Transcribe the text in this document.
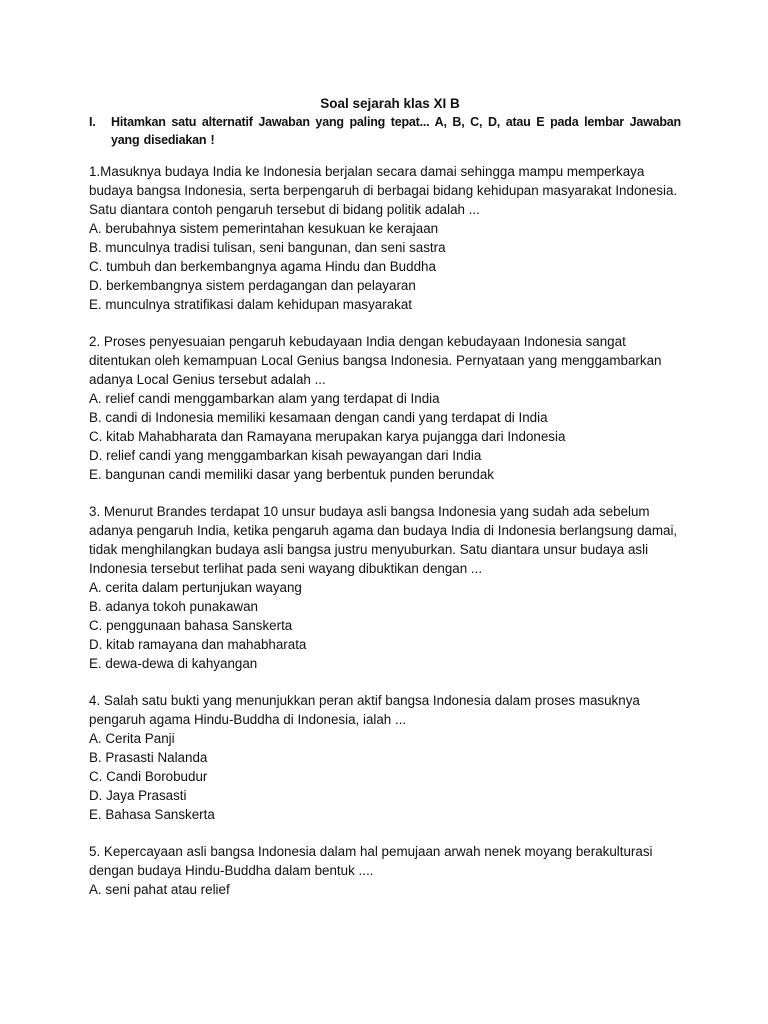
Soal sejarah klas XI B

I.	Hitamkan satu alternatif Jawaban yang paling tepat... A, B, C, D, atau E pada lembar Jawaban yang disediakan !

1.Masuknya budaya India ke Indonesia berjalan secara damai sehingga mampu memperkaya budaya bangsa Indonesia, serta berpengaruh di berbagai bidang kehidupan masyarakat Indonesia. Satu diantara contoh pengaruh tersebut di bidang politik adalah ...

A. berubahnya sistem pemerintahan kesukuan ke kerajaan
B. munculnya tradisi tulisan, seni bangunan, dan seni sastra
C. tumbuh dan berkembangnya agama Hindu dan Buddha
D. berkembangnya sistem perdagangan dan pelayaran
E. munculnya stratifikasi dalam kehidupan masyarakat

2. Proses penyesuaian pengaruh kebudayaan India dengan kebudayaan Indonesia sangat ditentukan oleh kemampuan Local Genius bangsa Indonesia. Pernyataan yang menggambarkan adanya Local Genius tersebut adalah ...

A. relief candi menggambarkan alam yang terdapat di India
B. candi di Indonesia memiliki kesamaan dengan candi yang terdapat di India
C. kitab Mahabharata dan Ramayana merupakan karya pujangga dari Indonesia
D. relief candi yang menggambarkan kisah pewayangan dari India
E. bangunan candi memiliki dasar yang berbentuk punden berundak

3. Menurut Brandes terdapat 10 unsur budaya asli bangsa Indonesia yang sudah ada sebelum adanya pengaruh India, ketika pengaruh agama dan budaya India di Indonesia berlangsung damai, tidak menghilangkan budaya asli bangsa justru menyuburkan. Satu diantara unsur budaya asli Indonesia tersebut terlihat pada seni wayang dibuktikan dengan ...

A. cerita dalam pertunjukan wayang
B. adanya tokoh punakawan
C. penggunaan bahasa Sanskerta
D. kitab ramayana dan mahabharata
E. dewa-dewa di kahyangan

4. Salah satu bukti yang menunjukkan peran aktif bangsa Indonesia dalam proses masuknya pengaruh agama Hindu-Buddha di Indonesia, ialah ...

A. Cerita Panji
B. Prasasti Nalanda
C. Candi Borobudur
D. Jaya Prasasti
E. Bahasa Sanskerta

5. Kepercayaan asli bangsa Indonesia dalam hal pemujaan arwah nenek moyang berakulturasi dengan budaya Hindu-Buddha dalam bentuk ....

A. seni pahat atau relief
